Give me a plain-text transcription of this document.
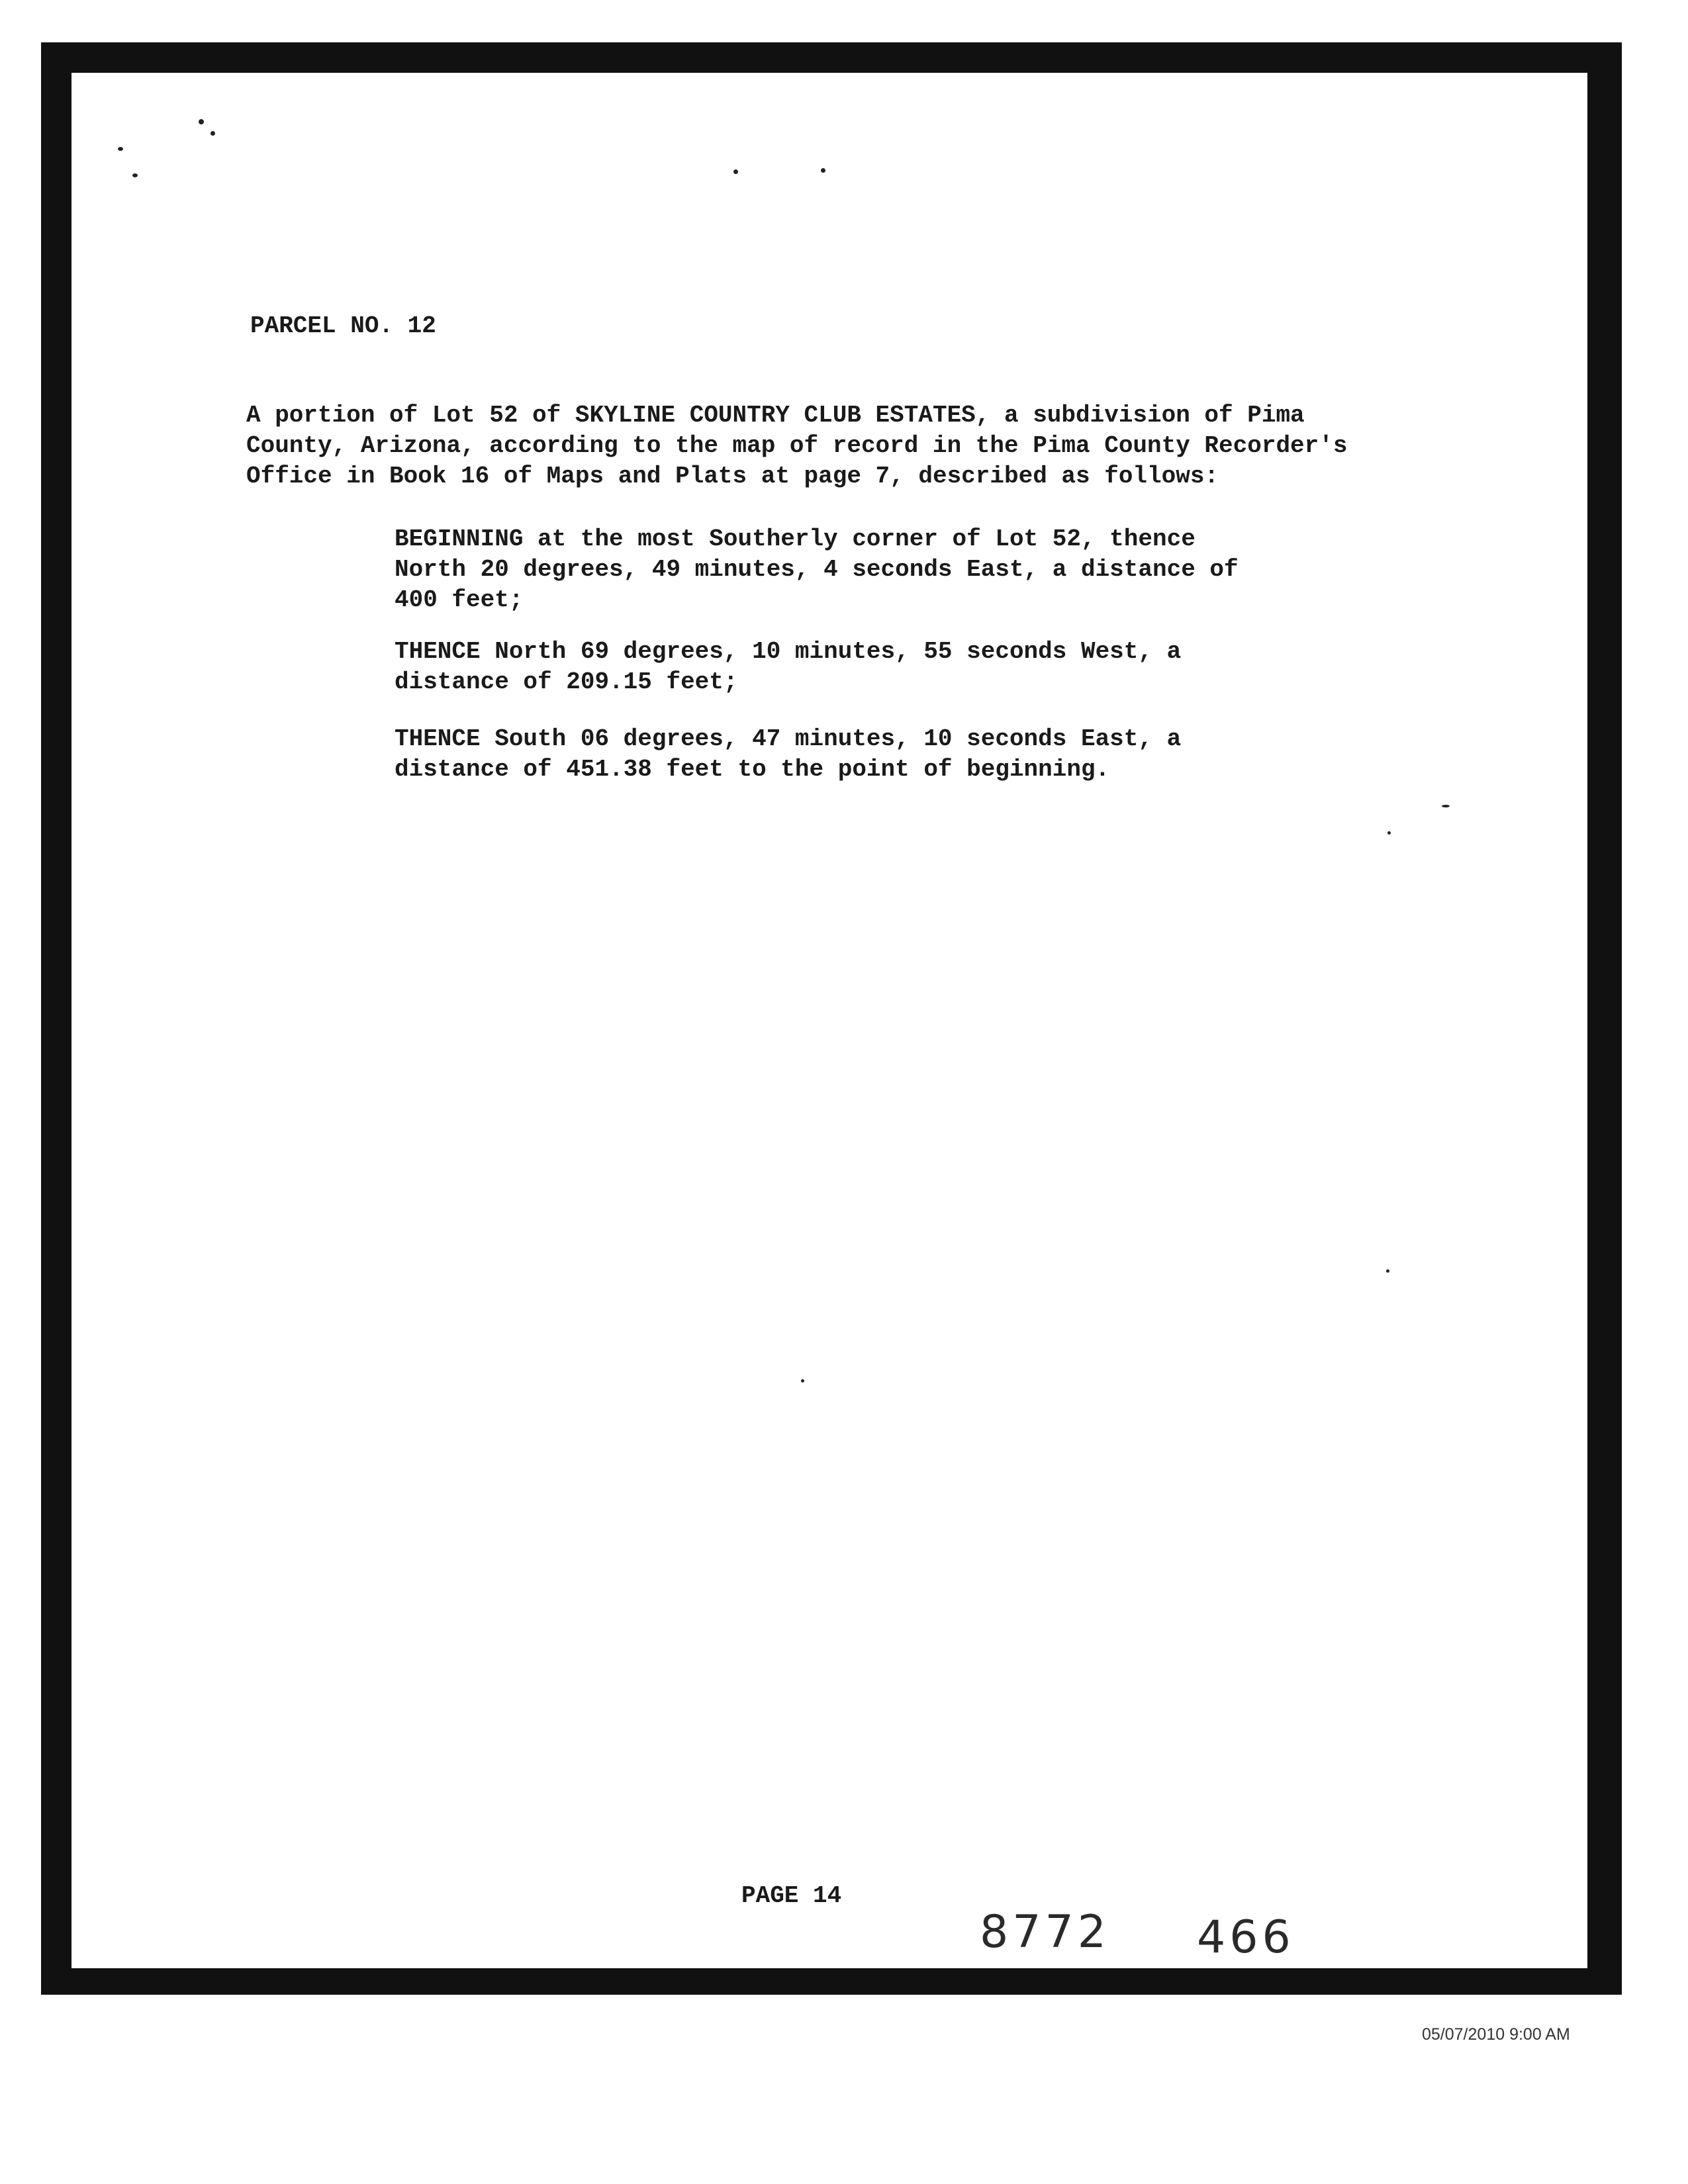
PARCEL NO. 12
A portion of Lot 52 of SKYLINE COUNTRY CLUB ESTATES, a subdivision of Pima
County, Arizona, according to the map of record in the Pima County Recorder's
Office in Book 16 of Maps and Plats at page 7, described as follows:
BEGINNING at the most Southerly corner of Lot 52, thence
North 20 degrees, 49 minutes, 4 seconds East, a distance of
400 feet;
THENCE North 69 degrees, 10 minutes, 55 seconds West, a
distance of 209.15 feet;
THENCE South 06 degrees, 47 minutes, 10 seconds East, a
distance of 451.38 feet to the point of beginning.
PAGE 14
8772 466
05/07/2010 9:00 AM
